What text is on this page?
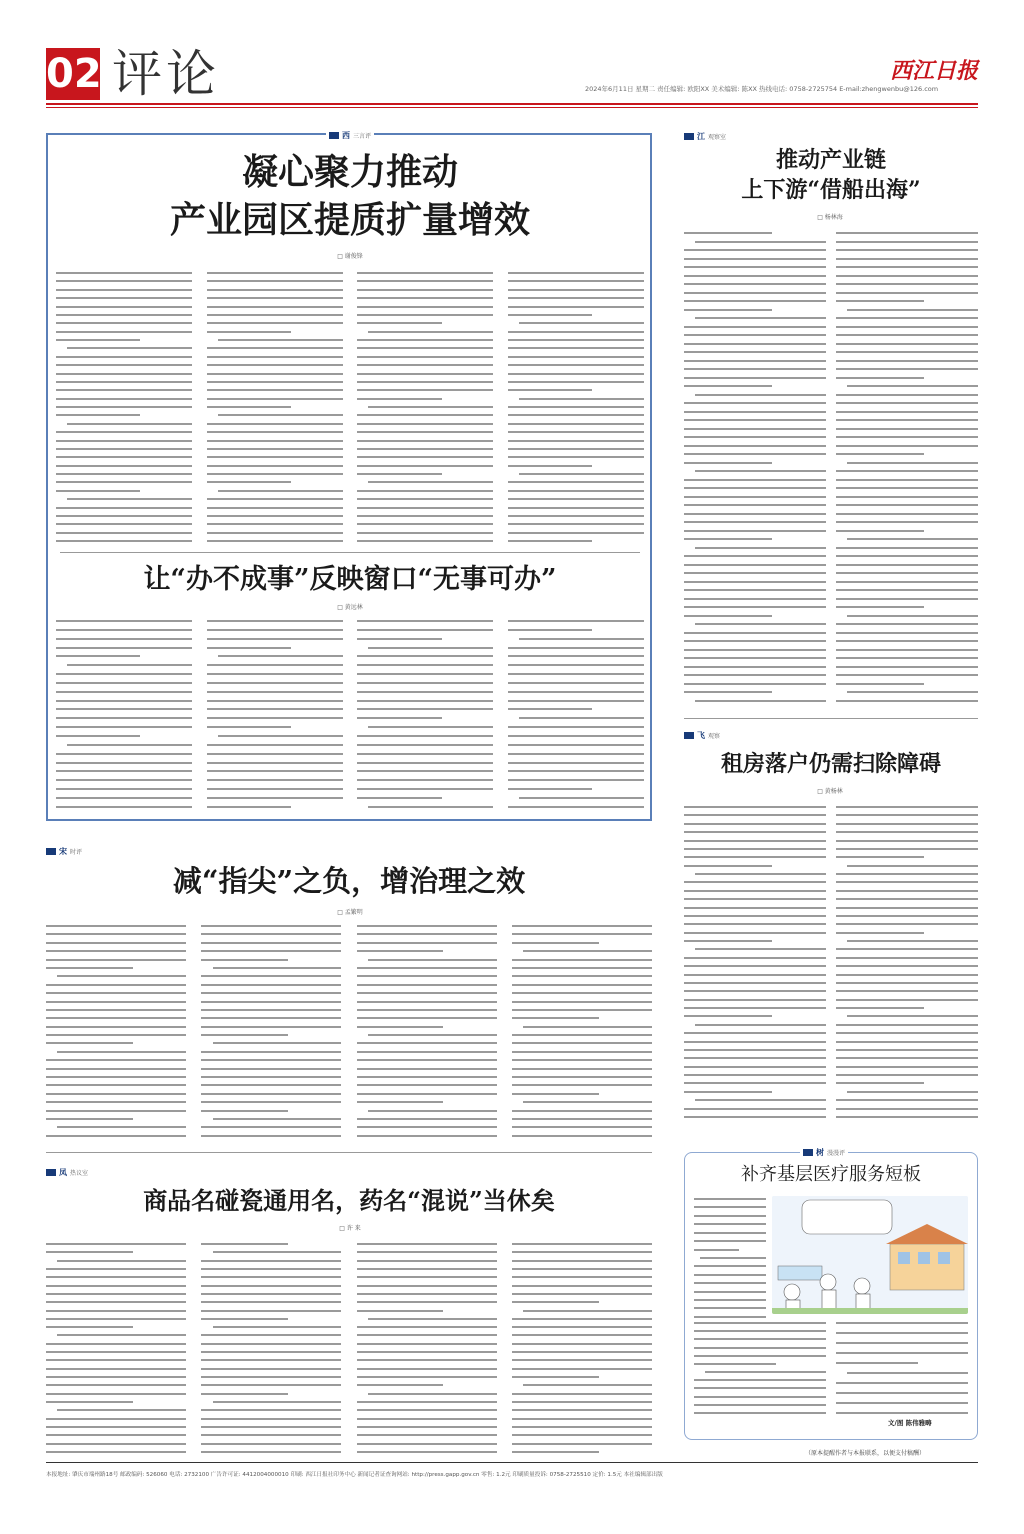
02 评论	西江日报
2024年6月11日 星期二 责任编辑: 欧阳XX 美术编辑: 陈XX 热线电话: 0758-2725754 E-mail:zhengwenbu@126.com
西 三言评
凝心聚力推动
产业园区提质扩量增效
□ 谢俊锋
让“办不成事”反映窗口“无事可办”
□ 黄远林
江 观察室
推动产业链
上下游“借船出海”
□ 杨林海
飞 观察
租房落户仍需扫除障碍
□ 黄杨林
宋 时评
减“指尖”之负，增治理之效
□ 孟繁明
凤 热议室
商品名碰瓷通用名，药名“混说”当休矣
□ 许 来
树 漫漫评
补齐基层医疗服务短板
文/图 陈伟雅畴
（原本提醒作者与本报联系，以便支付稿酬）
本报地址: 肇庆市端州路18号 邮政编码: 526060 电话: 2732100 广告许可证: 4412004000010 印刷: 西江日报社印务中心 新闻记者证查询网站: http://press.gapp.gov.cn 零售: 1.2元 印刷质量投诉: 0758-2725510 定价: 1.5元 本社编辑部出版
